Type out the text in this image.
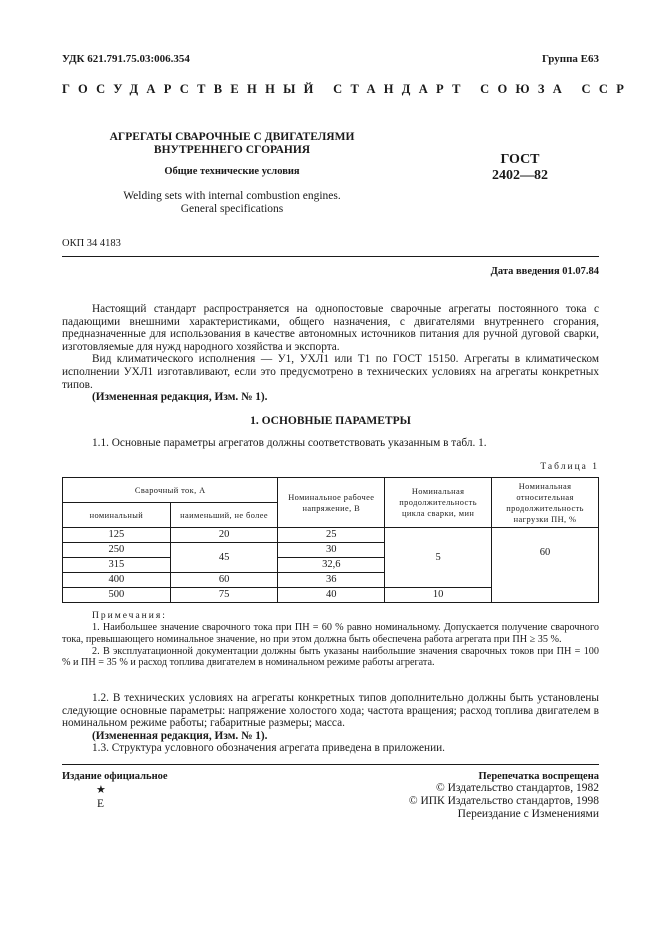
УДК 621.791.75.03:006.354	Группа Е63
ГОСУДАРСТВЕННЫЙ СТАНДАРТ СОЮЗА ССР
АГРЕГАТЫ СВАРОЧНЫЕ С ДВИГАТЕЛЯМИ
ВНУТРЕННЕГО СГОРАНИЯ
Общие технические условия
Welding sets with internal combustion engines.
General specifications
ГОСТ
2402—82
ОКП 34 4183
Дата введения 01.07.84

Настоящий стандарт распространяется на однопостовые сварочные агрегаты постоянного тока с падающими внешними характеристиками, общего назначения, с двигателями внутреннего сгорания, предназначенные для использования в качестве автономных источников питания для ручной дуговой сварки, изготовляемые для нужд народного хозяйства и экспорта.

Вид климатического исполнения — У1, УХЛ1 или Т1 по ГОСТ 15150. Агрегаты в климатическом исполнении УХЛ1 изготавливают, если это предусмотрено в технических условиях на агрегаты конкретных типов.

(Измененная редакция, Изм. № 1).

1. ОСНОВНЫЕ ПАРАМЕТРЫ
1.1. Основные параметры агрегатов должны соответствовать указанным в табл. 1.
Таблица 1
Сварочный ток, А		Номинальное рабочее напряжение, В	Номинальная продолжительность цикла сварки, мин	Номинальная относительная продолжительность нагрузки ПН, %
номинальный	наименьший, не более			
125	20	25	5	60
250	45	30		
315		32,6		
400	60	36		
500	75	40	10	
Примечания:

1. Наибольшее значение сварочного тока при ПН = 60 % равно номинальному. Допускается получение сварочного тока, превышающего номинальное значение, но при этом должна быть обеспечена работа агрегата при ПН ≥ 35 %.

2. В эксплуатационной документации должны быть указаны наибольшие значения сварочных токов при ПН = 100 % и ПН = 35 % и расход топлива двигателем в номинальном режиме работы агрегата.

1.2. В технических условиях на агрегаты конкретных типов дополнительно должны быть установлены следующие основные параметры: напряжение холостого хода; частота вращения; расход топлива двигателем в номинальном режиме работы; габаритные размеры; масса.

(Измененная редакция, Изм. № 1).

1.3. Структура условного обозначения агрегата приведена в приложении.

Издание официальное
★
Е
Перепечатка воспрещена
© Издательство стандартов, 1982
© ИПК Издательство стандартов, 1998
Переиздание с Изменениями
